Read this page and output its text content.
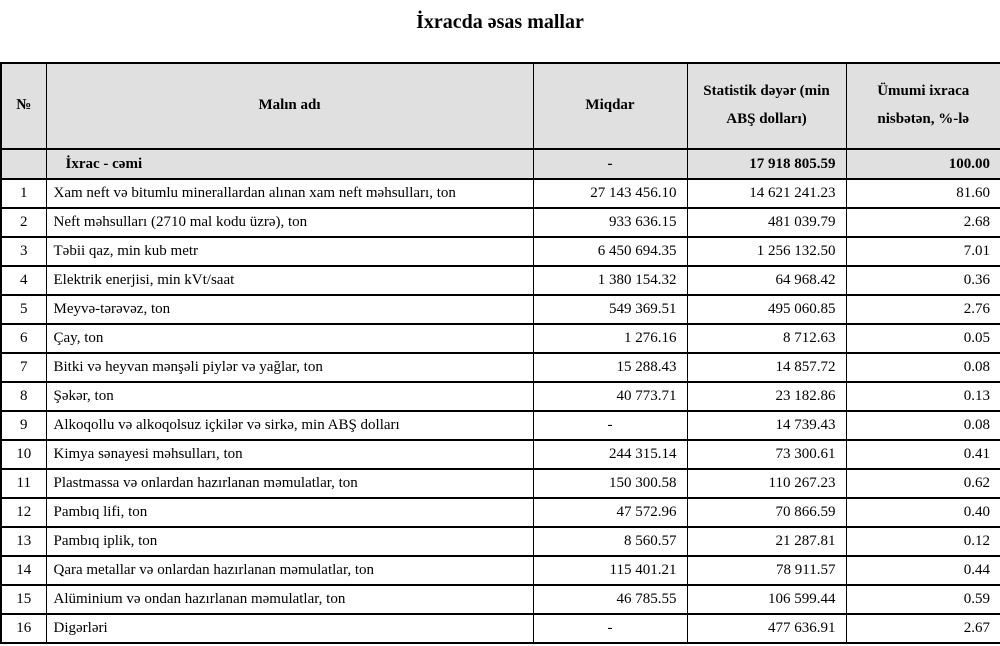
İxracda əsas mallar
№	Malın adı	Miqdar	Statistik dəyər (min ABŞ dolları)	Ümumi ixraca nisbətən, %-lə
	İxrac - cəmi	-	17 918 805.59	100.00
1	Xam neft və bitumlu minerallardan alınan xam neft məhsulları, ton	27 143 456.10	14 621 241.23	81.60
2	Neft məhsulları (2710 mal kodu üzrə), ton	933 636.15	481 039.79	2.68
3	Təbii qaz, min kub metr	6 450 694.35	1 256 132.50	7.01
4	Elektrik enerjisi, min kVt/saat	1 380 154.32	64 968.42	0.36
5	Meyvə-tərəvəz, ton	549 369.51	495 060.85	2.76
6	Çay, ton	1 276.16	8 712.63	0.05
7	Bitki və heyvan mənşəli piylər və yağlar, ton	15 288.43	14 857.72	0.08
8	Şəkər, ton	40 773.71	23 182.86	0.13
9	Alkoqollu və alkoqolsuz içkilər və sirkə, min ABŞ dolları	-	14 739.43	0.08
10	Kimya sənayesi məhsulları, ton	244 315.14	73 300.61	0.41
11	Plastmassa və onlardan hazırlanan məmulatlar, ton	150 300.58	110 267.23	0.62
12	Pambıq lifi, ton	47 572.96	70 866.59	0.40
13	Pambıq iplik, ton	8 560.57	21 287.81	0.12
14	Qara metallar və onlardan hazırlanan məmulatlar, ton	115 401.21	78 911.57	0.44
15	Alüminium və ondan hazırlanan məmulatlar, ton	46 785.55	106 599.44	0.59
16	Digərləri	-	477 636.91	2.67
